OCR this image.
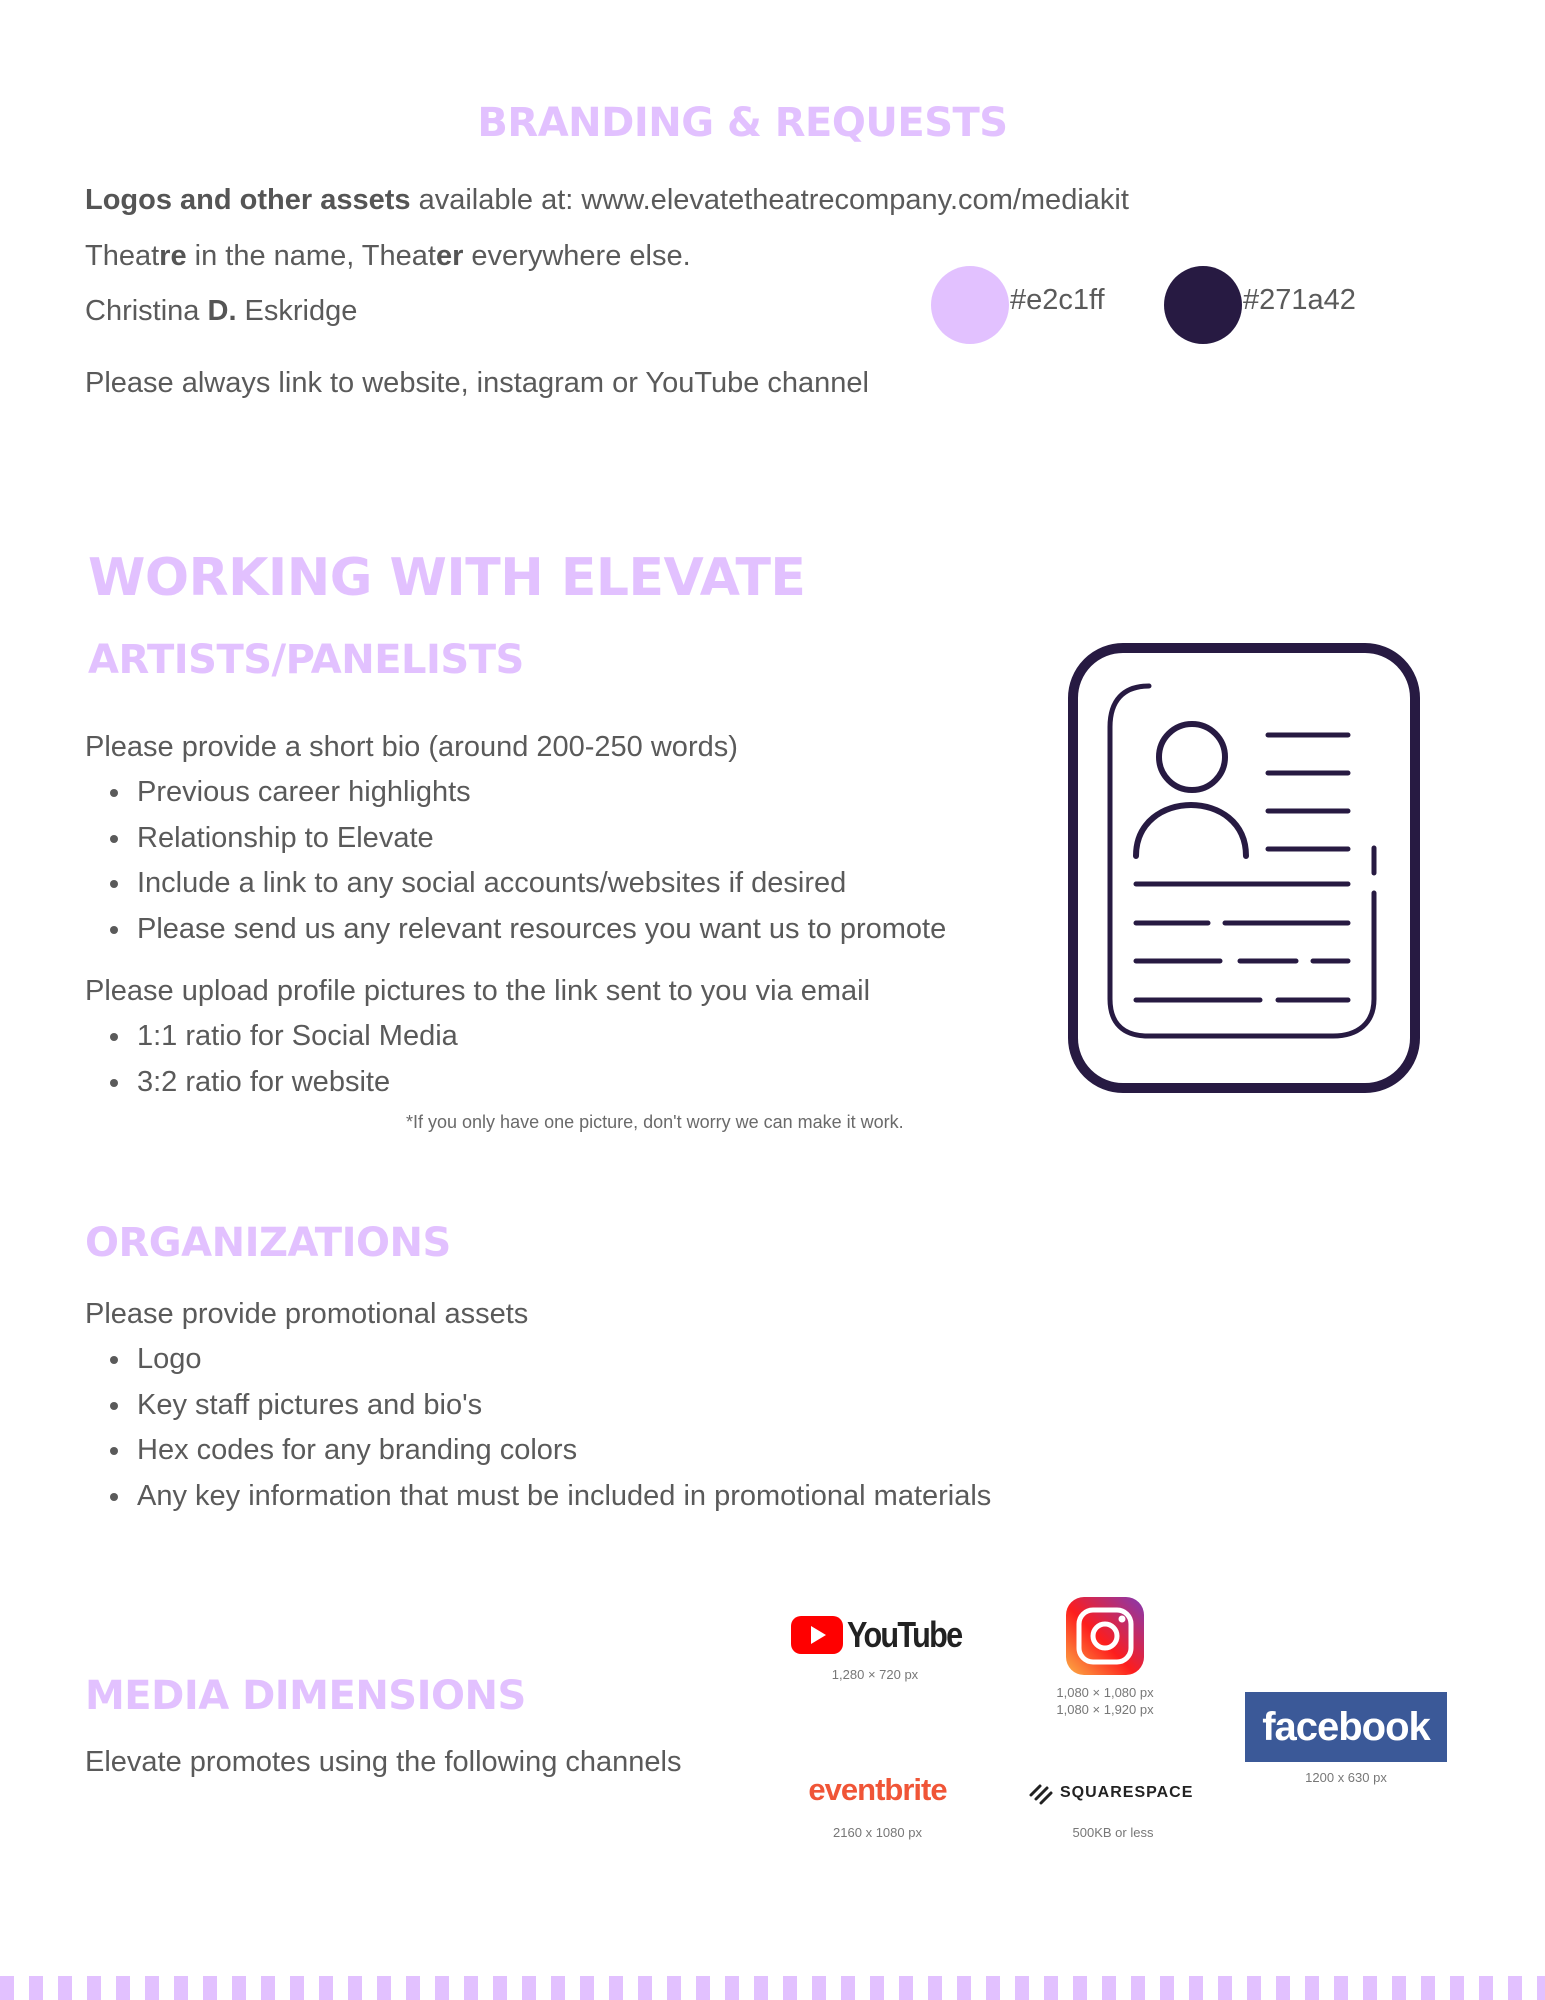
BRANDING & REQUESTS

Logos and other assets available at: www.elevatetheatrecompany.com/mediakit

Theatre in the name, Theater everywhere else.

Christina D. Eskridge	#e2c1ff	#271a42

Please always link to website, instagram or YouTube channel

WORKING WITH ELEVATE
ARTISTS/PANELISTS

Please provide a short bio (around 200-250 words)

Previous career highlights
Relationship to Elevate
Include a link to any social accounts/websites if desired
Please send us any relevant resources you want us to promote

Please upload profile pictures to the link sent to you via email

1:1 ratio for Social Media
3:2 ratio for website

*If you only have one picture, don't worry we can make it work.

ORGANIZATIONS

Please provide promotional assets

Logo
Key staff pictures and bio's
Hex codes for any branding colors
Any key information that must be included in promotional materials
MEDIA DIMENSIONS

Elevate promotes using the following channels

YouTube
1,280 × 720 px
1,080 × 1,080 px
1,080 × 1,920 px	facebook
1200 x 630 px
eventbrite
2160 x 1080 px
SQUARESPACE
500KB or less
